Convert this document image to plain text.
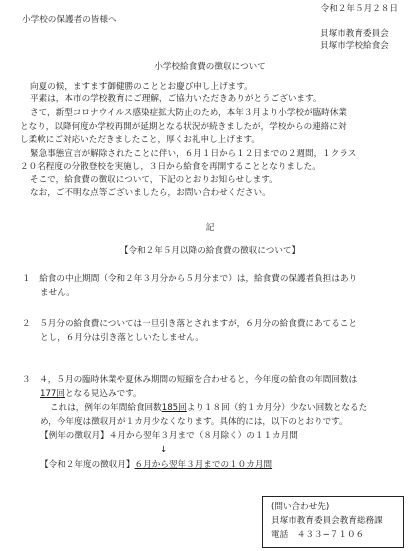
令和２年５月２８日
小学校の保護者の皆様へ
貝塚市教育委員会
貝塚市学校給食会
小学校給食費の徴収について
向夏の候，ますます御健勝のこととお慶び申し上げます。
平素は，本市の学校教育にご理解，ご協力いただきありがとうございます。
さて，新型コロナウイルス感染症拡大防止のため，本年３月より小学校が臨時休業
となり，以降何度か学校再開が延期となる状況が続きましたが，学校からの連絡に対
し柔軟にご対応いただきましたこと，厚くお礼申し上げます。
緊急事態宣言が解除されたことに伴い，６月１日から１２日までの２週間，１クラス
２０名程度の分散登校を実施し，３日から給食を再開することとなりました。
そこで，給食費の徴収について，下記のとおりお知らせします。
なお，ご不明な点等ございましたら，お問い合わせください。
記
【令和２年５月以降の給食費の徴収について】
１　給食の中止期間（令和２年３月分から５月分まで）は，給食費の保護者負担はあり
ません。
２　５月分の給食費については一旦引き落とされますが，６月分の給食費にあてること
とし，６月分は引き落としいたしません。
３　４，５月の臨時休業や夏休み期間の短縮を合わせると，今年度の給食の年間回数は
177回となる見込みです。
これは，例年の年間給食回数185回より１８回（約１カ月分）少ない回数となるた
め，今年度は徴収月が１カ月少なくなります。具体的には，以下のとおりです。
【例年の徴収月】４月から翌年３月まで（８月除く）の１１カ月間
↓
【令和２年度の徴収月】６月から翌年３月までの１０カ月間
(問い合わせ先)
貝塚市教育委員会教育総務課
電話　４３３−７１０６
